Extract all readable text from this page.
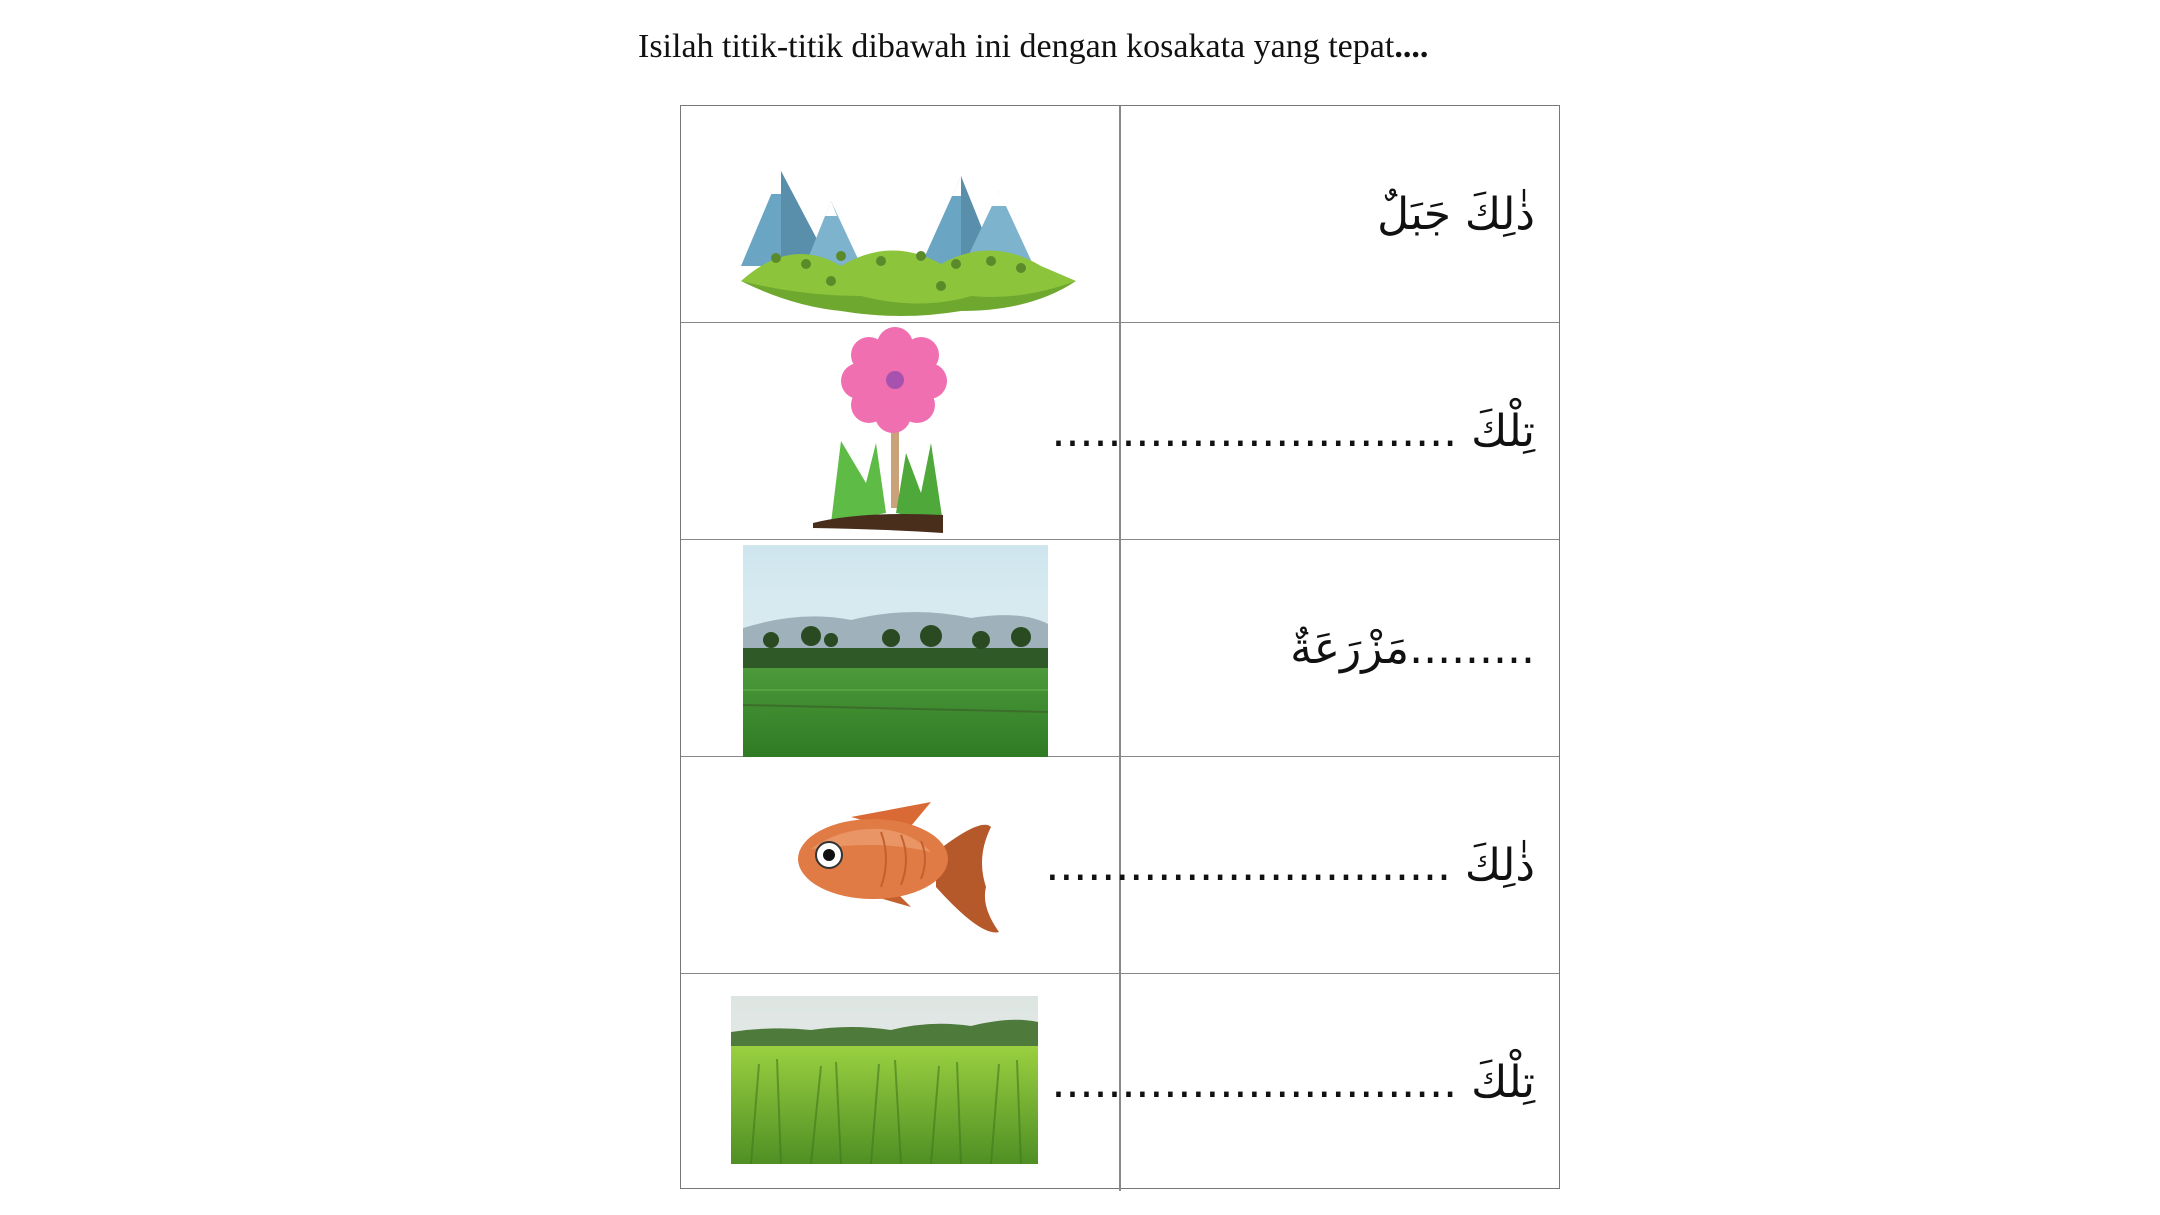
Isilah titik-titik dibawah ini dengan kosakata yang tepat....
ذٰلِكَ جَبَلٌ
تِلْكَ .............................
.........مَزْرَعَةٌ
ذٰلِكَ .............................
تِلْكَ .............................
